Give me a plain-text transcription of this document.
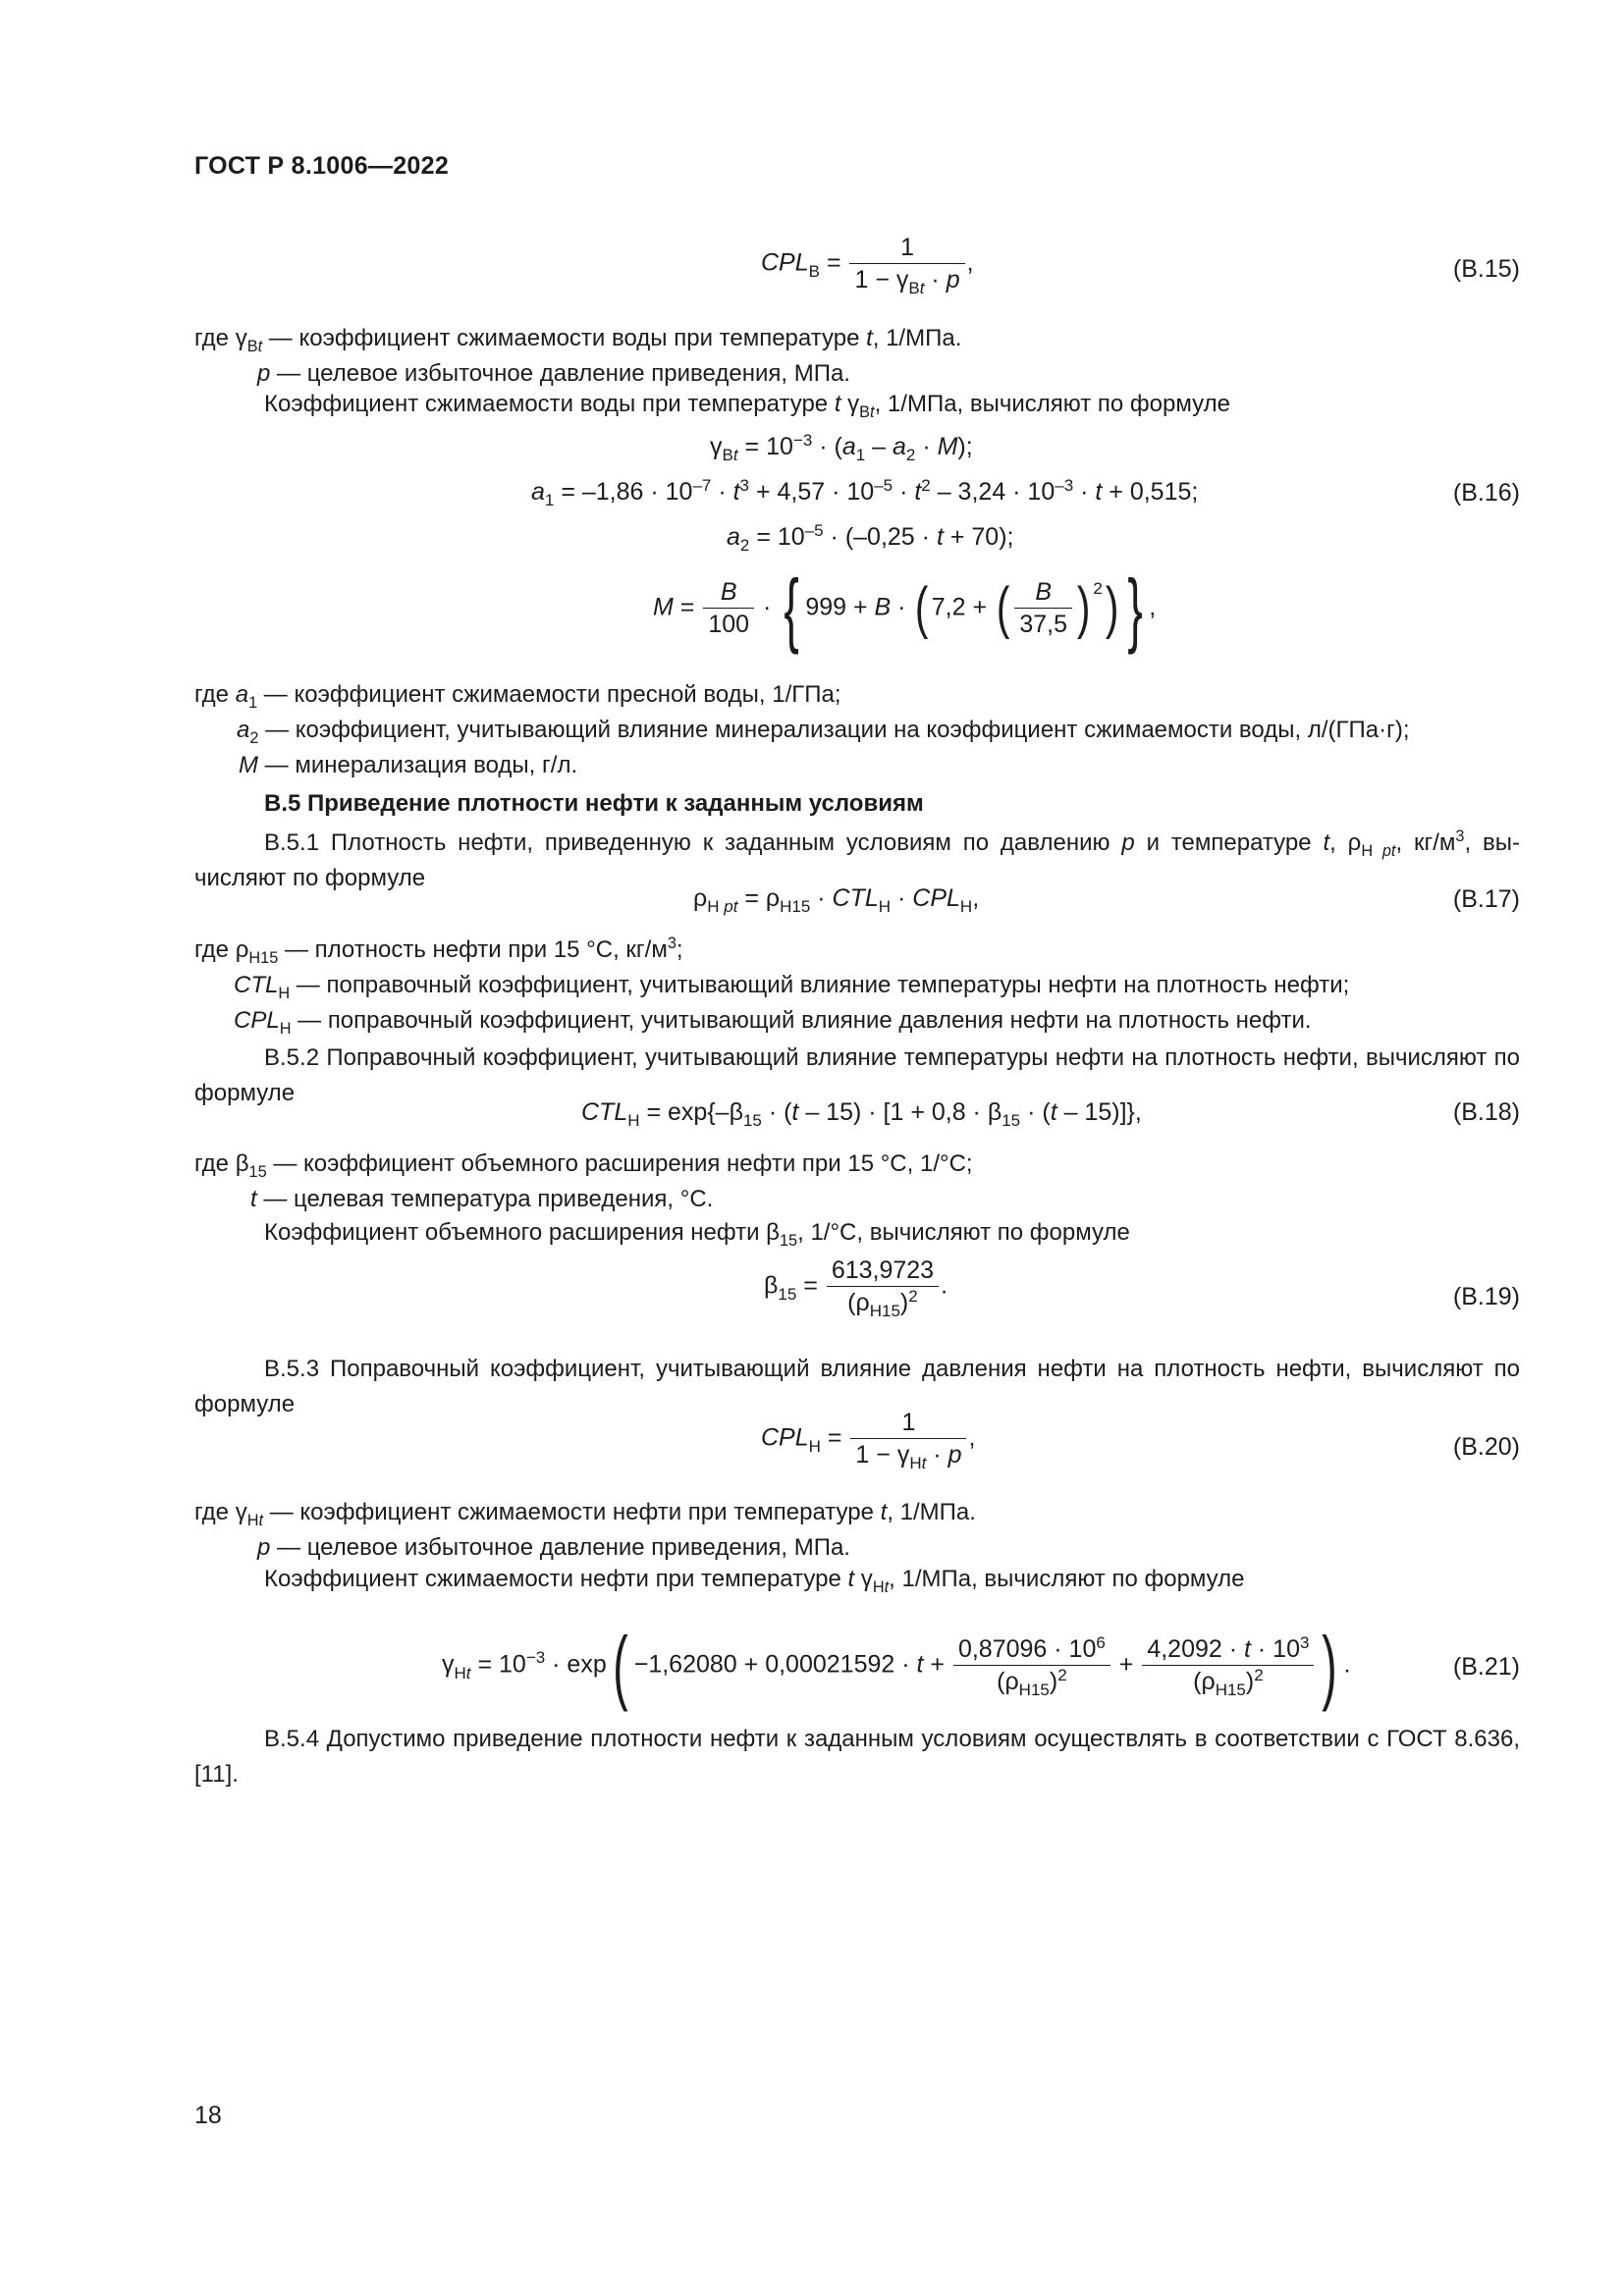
ГОСТ Р 8.1006—2022
$CPL_B = \frac{1}{1 - \gamma_{Bt} \cdot p}$ ,	(B.15)
где $\gamma_{Bt}$ — коэффициент сжимаемости воды при температуре t, 1/МПа.
p — целевое избыточное давление приведения, МПа.
Коэффициент сжимаемости воды при температуре t $\gamma_{Bt}$, 1/МПа, вычисляют по формуле
$\gamma_{Bt} = 10^{-3} \cdot (a_1 - a_2 \cdot M)$;
$a_1 = -1,86 \cdot 10^{-7} \cdot t^3 + 4,57 \cdot 10^{-5} \cdot t^2 - 3,24 \cdot 10^{-3} \cdot t + 0,515$;	(B.16)
$a_2 = 10^{-5} \cdot (-0,25 \cdot t + 70)$;
$M = \frac{B}{100}$ · { 999 + B · ( 7,2 + ( $\frac{B}{37,5}$ ) $^2$) } ,
где $a_1$ — коэффициент сжимаемости пресной воды, 1/ГПа;
$a_2$ — коэффициент, учитывающий влияние минерализации на коэффициент сжимаемости воды, л/(ГПа·г);
M — минерализация воды, г/л.
B.5 Приведение плотности нефти к заданным условиям
В.5.1 Плотность нефти, приведенную к заданным условиям по давлению p и температуре t, $\rho_{H pt}$, $кг/м^3$, вычисляют по формуле
$\rho_{H pt} = \rho_{H15} \cdot CTL_H \cdot CPL_H$,	(B.17)
где $\rho_{H15}$ — плотность нефти при 15 °C, $кг/м^3$;
$CTL_H$ — поправочный коэффициент, учитывающий влияние температуры нефти на плотность нефти;
$CPL_H$ — поправочный коэффициент, учитывающий влияние давления нефти на плотность нефти.
В.5.2 Поправочный коэффициент, учитывающий влияние температуры нефти на плотность нефти, вычисляют по формуле
$CTL_H = \exp\{-\beta_{15} \cdot (t - 15) \cdot [1 + 0,8 \cdot \beta_{15} \cdot (t - 15)]\}$,	(B.18)
где $\beta_{15}$ — коэффициент объемного расширения нефти при 15 °C, 1/°C;
t — целевая температура приведения, °C.
Коэффициент объемного расширения нефти $\beta_{15}$, 1/°C, вычисляют по формуле
$\beta_{15} = \frac{613,9723}{(\rho_{H15})^2}$ .	(B.19)
В.5.3 Поправочный коэффициент, учитывающий влияние давления нефти на плотность нефти, вычисляют по формуле
$CPL_H = \frac{1}{1 - \gamma_{Ht} \cdot p}$ ,	(B.20)
где $\gamma_{Ht}$ — коэффициент сжимаемости нефти при температуре t, 1/МПа.
p — целевое избыточное давление приведения, МПа.
Коэффициент сжимаемости нефти при температуре t $\gamma_{Ht}$, 1/МПа, вычисляют по формуле
$\gamma_{Ht} = 10^{-3} \cdot \exp( -1,62080 + 0,00021592 \cdot t + \frac{0,87096 \cdot 10^6}{(\rho_{H15})^2} + \frac{4,2092 \cdot t \cdot 10^3}{(\rho_{H15})^2}$ ) .	(B.21)
В.5.4 Допустимо приведение плотности нефти к заданным условиям осуществлять в соответствии с ГОСТ 8.636, [11].
18
